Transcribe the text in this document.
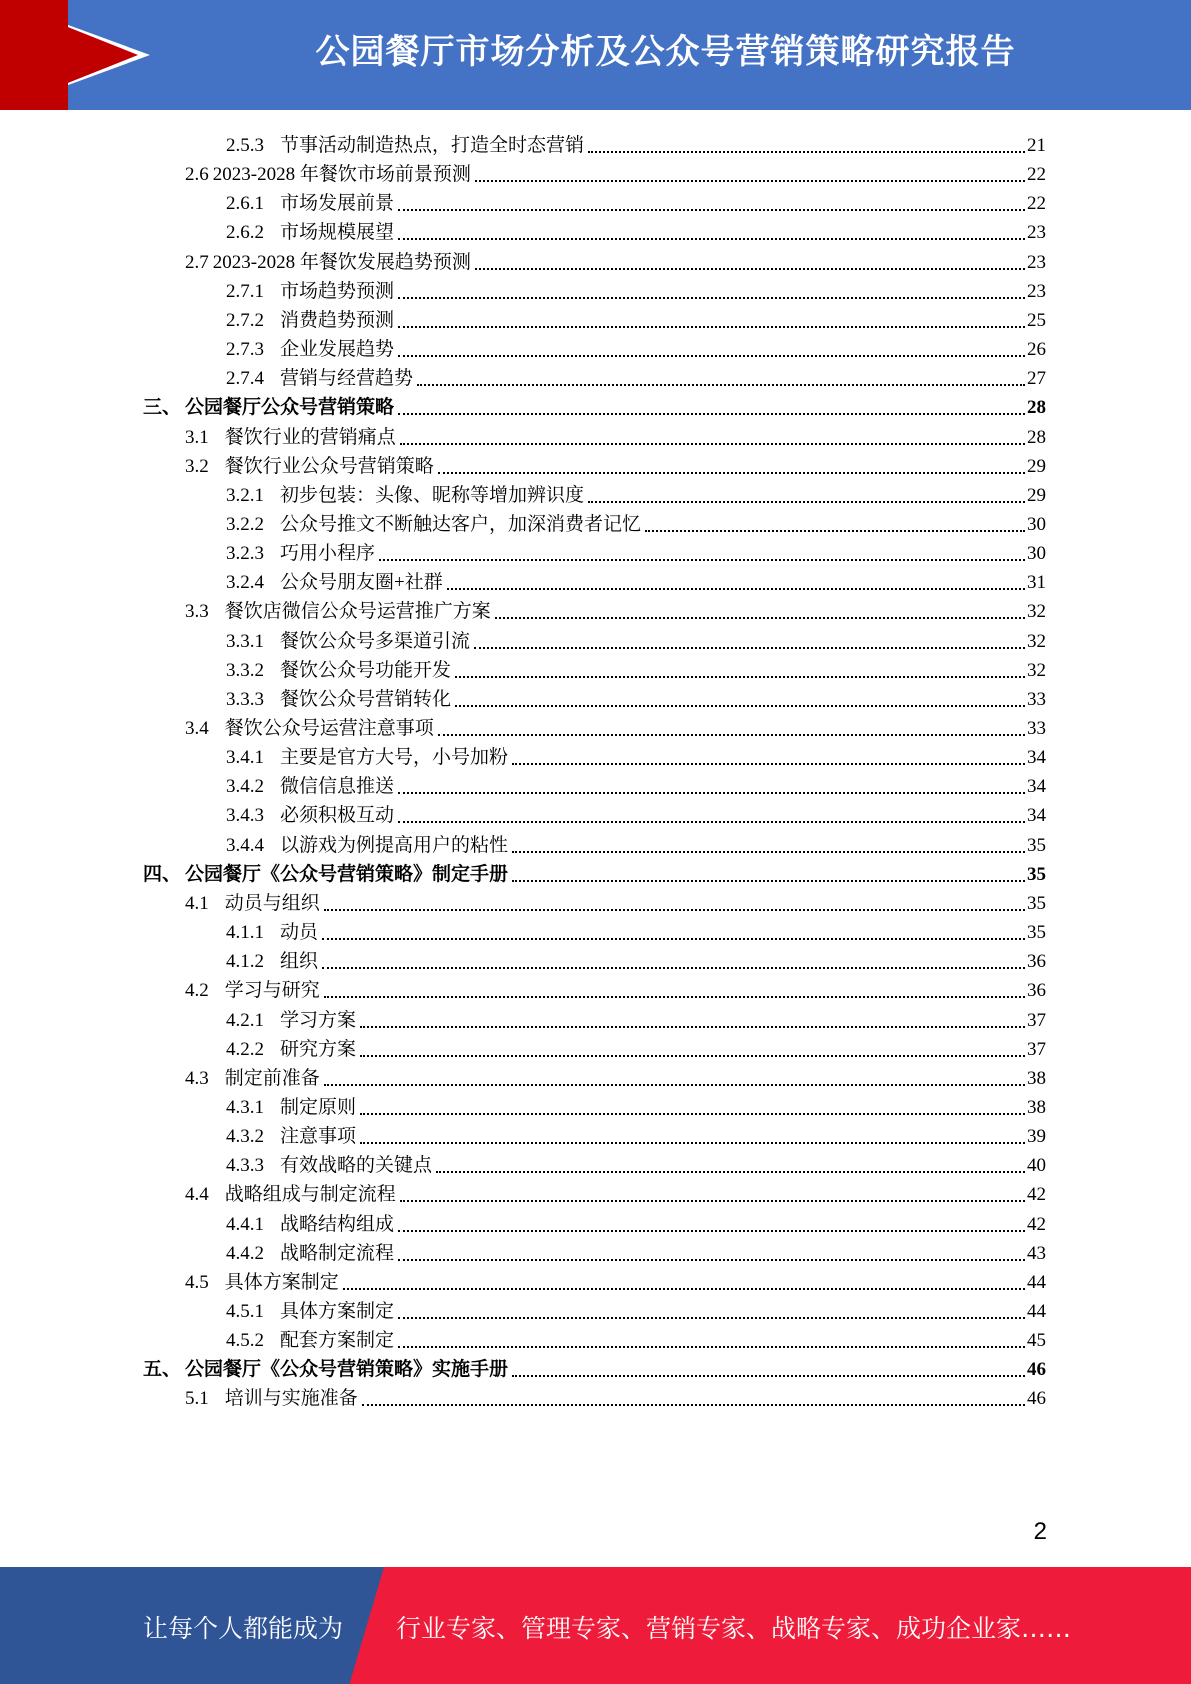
公园餐厅市场分析及公众号营销策略研究报告
2.5.3 节事活动制造热点，打造全时态营销	21
2.6 2023-2028 年餐饮市场前景预测	22
2.6.1 市场发展前景	22
2.6.2 市场规模展望	23
2.7 2023-2028 年餐饮发展趋势预测	23
2.7.1 市场趋势预测	23
2.7.2 消费趋势预测	25
2.7.3 企业发展趋势	26
2.7.4 营销与经营趋势	27
三、 公园餐厅公众号营销策略	28
3.1 餐饮行业的营销痛点	28
3.2 餐饮行业公众号营销策略	29
3.2.1 初步包装：头像、昵称等增加辨识度	29
3.2.2 公众号推文不断触达客户，加深消费者记忆	30
3.2.3 巧用小程序	30
3.2.4 公众号朋友圈+社群	31
3.3 餐饮店微信公众号运营推广方案	32
3.3.1 餐饮公众号多渠道引流	32
3.3.2 餐饮公众号功能开发	32
3.3.3 餐饮公众号营销转化	33
3.4 餐饮公众号运营注意事项	33
3.4.1 主要是官方大号，小号加粉	34
3.4.2 微信信息推送	34
3.4.3 必须积极互动	34
3.4.4 以游戏为例提高用户的粘性	35
四、 公园餐厅《公众号营销策略》制定手册	35
4.1 动员与组织	35
4.1.1 动员	35
4.1.2 组织	36
4.2 学习与研究	36
4.2.1 学习方案	37
4.2.2 研究方案	37
4.3 制定前准备	38
4.3.1 制定原则	38
4.3.2 注意事项	39
4.3.3 有效战略的关键点	40
4.4 战略组成与制定流程	42
4.4.1 战略结构组成	42
4.4.2 战略制定流程	43
4.5 具体方案制定	44
4.5.1 具体方案制定	44
4.5.2 配套方案制定	45
五、 公园餐厅《公众号营销策略》实施手册	46
5.1 培训与实施准备	46
2
让每个人都能成为 行业专家、管理专家、营销专家、战略专家、成功企业家……
